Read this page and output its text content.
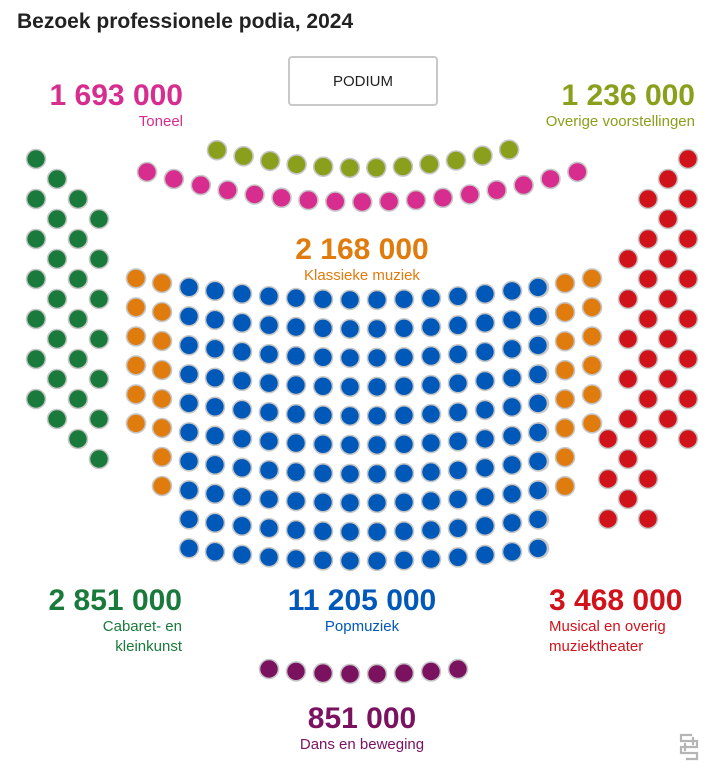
Bezoek professionele podia, 2024
PODIUM
1 693 000
Toneel
1 236 000
Overige voorstellingen
2 168 000
Klassieke muziek
2 851 000
Cabaret- en kleinkunst
11 205 000
Popmuziek
3 468 000
Musical en overig muziektheater
851 000
Dans en beweging
